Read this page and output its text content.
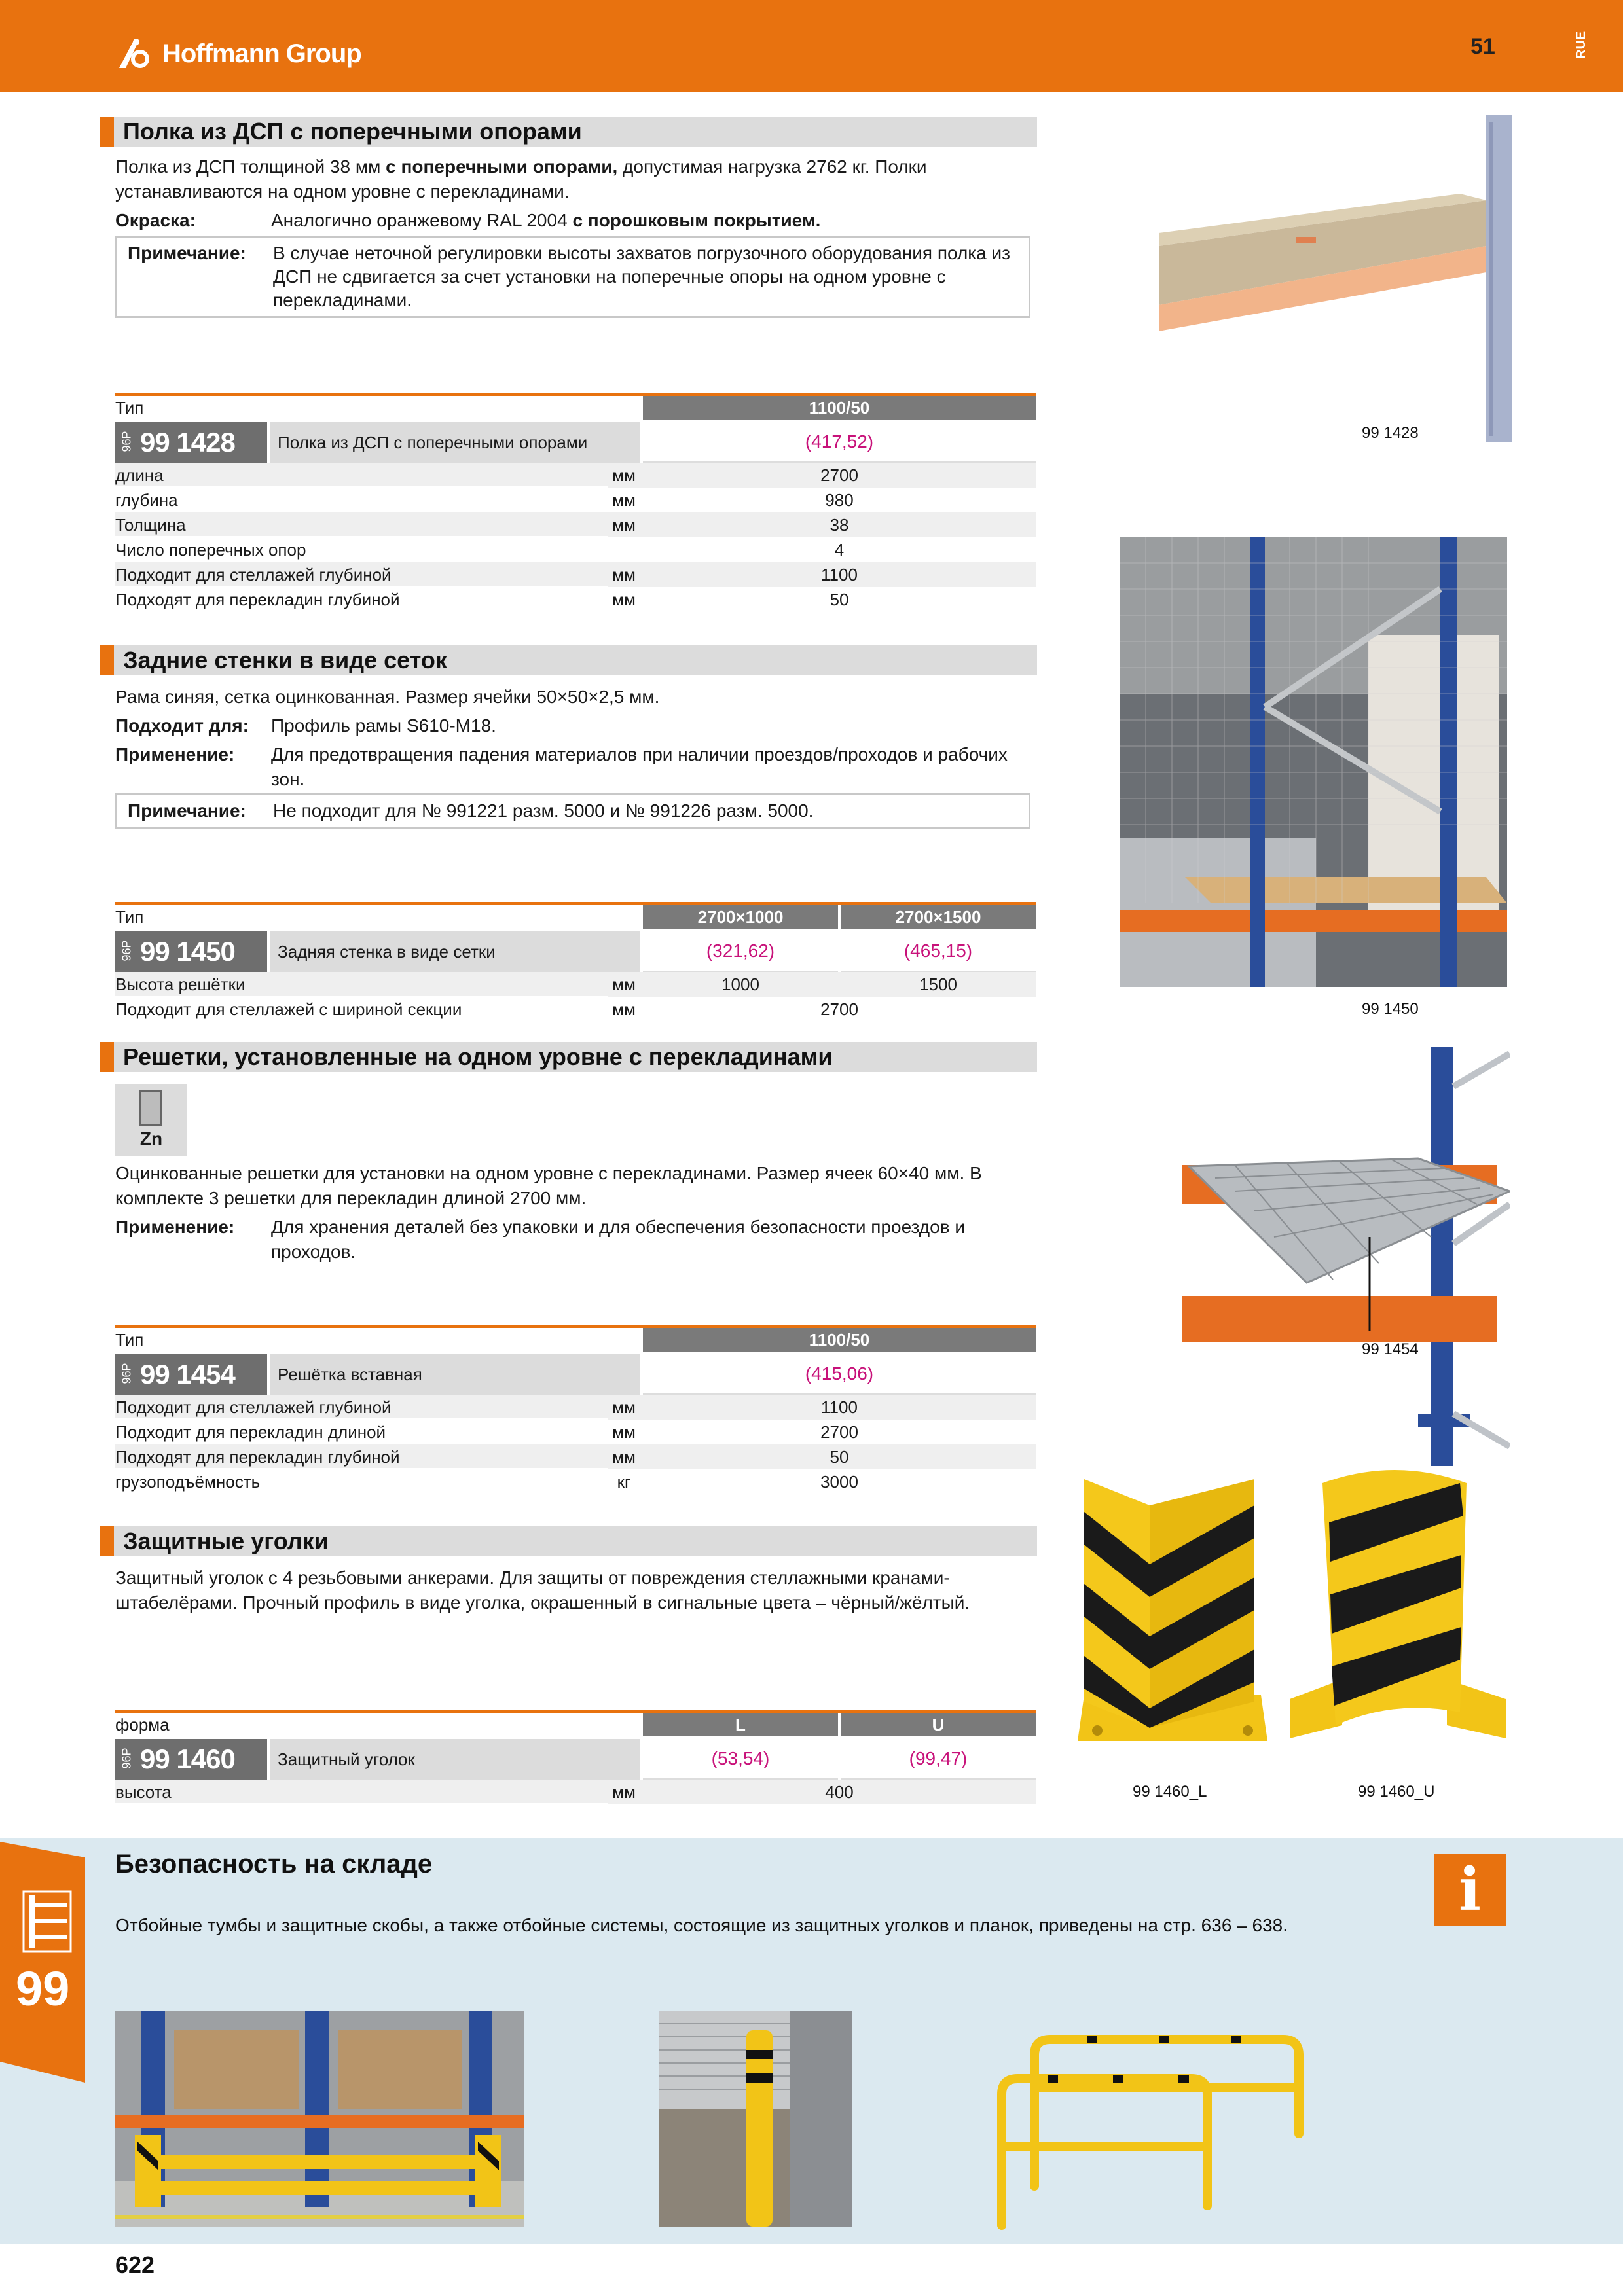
Hoffmann Group	51	RUE
Полка из ДСП с поперечными опорами
Полка из ДСП толщиной 38 мм с поперечными опорами, допустимая нагрузка 2762 кг. Полки устанавливаются на одном уровне с перекладинами.
Окраска:	Аналогично оранжевому RAL 2004 с порошковым покрытием.
Примечание:	В случае неточной регулировки высоты захватов погрузочного оборудования полка из ДСП не сдвигается за счет установки на поперечные опоры на одном уровне с перекладинами.
Тип	1100/50
96P 99 1428	Полка из ДСП с поперечными опорами	(417,52)
длина	мм	2700
глубина	мм	980
Толщина	мм	38
Число поперечных опор	4
Подходит для стеллажей глубиной	мм	1100
Подходят для перекладин глубиной	мм	50
99 1428
Задние стенки в виде сеток
Рама синяя, сетка оцинкованная. Размер ячейки 50×50×2,5 мм.
Подходит для:	Профиль рамы S610-M18.
Применение:	Для предотвращения падения материалов при наличии проездов/проходов и рабочих зон.
Примечание:	Не подходит для № 991221 разм. 5000 и № 991226 разм. 5000.
Тип	2700×1000	2700×1500
96P 99 1450	Задняя стенка в виде сетки	(321,62)	(465,15)
Высота решётки	мм	1000	1500
Подходит для стеллажей с шириной секции	мм	2700	99 1450
Решетки, установленные на одном уровне с перекладинами
Zn
Оцинкованные решетки для установки на одном уровне с перекладинами. Размер ячеек 60×40 мм. В комплекте 3 решетки для перекладин длиной 2700 мм.
Применение:	Для хранения деталей без упаковки и для обеспечения безопасности проездов и проходов.
Тип	1100/50
96P 99 1454	Решётка вставная	(415,06)
Подходит для стеллажей глубиной	мм	1100
Подходит для перекладин длиной	мм	2700
Подходят для перекладин глубиной	мм	50
грузоподъёмность	кг	3000
99 1454
Защитные уголки
Защитный уголок с 4 резьбовыми анкерами. Для защиты от повреждения стеллажными кранами-штабелёрами. Прочный профиль в виде уголка, окрашенный в сигнальные цвета – чёрный/жёлтый.
форма	L	U
96P 99 1460	Защитный уголок	(53,54)	(99,47)
высота	мм	400	99 1460_L	99 1460_U
99
Безопасность на складе	i
Отбойные тумбы и защитные скобы, а также отбойные системы, состоящие из защитных уголков и планок, приведены на стр. 636 – 638.
622
